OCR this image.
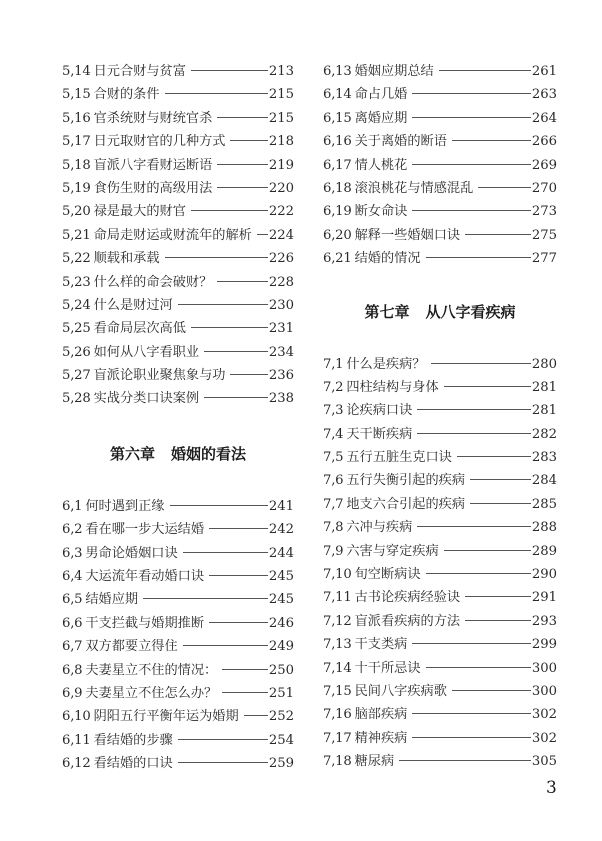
5,14 日元合财与贫富	213
5,15 合财的条件	215
5,16 官杀统财与财统官杀	215
5,17 日元取财官的几种方式	218
5,18 盲派八字看财运断语	219
5,19 食伤生财的高级用法	220
5,20 禄是最大的财官	222
5,21 命局走财运或财流年的解析 224
5,22 顺载和承载	226
5,23 什么样的命会破财？	228
5,24 什么是财过河	230
5,25 看命局层次高低	231
5,26 如何从八字看职业	234
5,27 盲派论职业聚焦象与功	236
5,28 实战分类口诀案例	238
第六章 婚姻的看法
6,1 何时遇到正缘	241
6,2 看在哪一步大运结婚	242
6,3 男命论婚姻口诀	244
6,4 大运流年看动婚口诀	245
6,5 结婚应期	245
6,6 干支拦截与婚期推断	246
6,7 双方都要立得住	249
6,8 夫妻星立不住的情况：	250
6,9 夫妻星立不住怎么办？	251
6,10 阴阳五行平衡年运为婚期 252
6,11 看结婚的步骤	254
6,12 看结婚的口诀	259
6,13 婚姻应期总结	261
6,14 命占几婚	263
6,15 离婚应期	264
6,16 关于离婚的断语	266
6,17 情人桃花	269
6,18 滚浪桃花与情感混乱	270
6,19 断女命诀	273
6,20 解释一些婚姻口诀	275
6,21 结婚的情况	277
第七章 从八字看疾病
7,1 什么是疾病？	280
7,2 四柱结构与身体	281
7,3 论疾病口诀	281
7,4 天干断疾病	282
7,5 五行五脏生克口诀	283
7,6 五行失衡引起的疾病	284
7,7 地支六合引起的疾病	285
7,8 六冲与疾病	288
7,9 六害与穿定疾病	289
7,10 旬空断病诀	290
7,11 古书论疾病经验诀	291
7,12 盲派看疾病的方法	293
7,13 干支类病	299
7,14 十干所忌诀	300
7,15 民间八字疾病歌	300
7,16 脑部疾病	302
7,17 精神疾病	302
7,18 糖尿病	305
3
